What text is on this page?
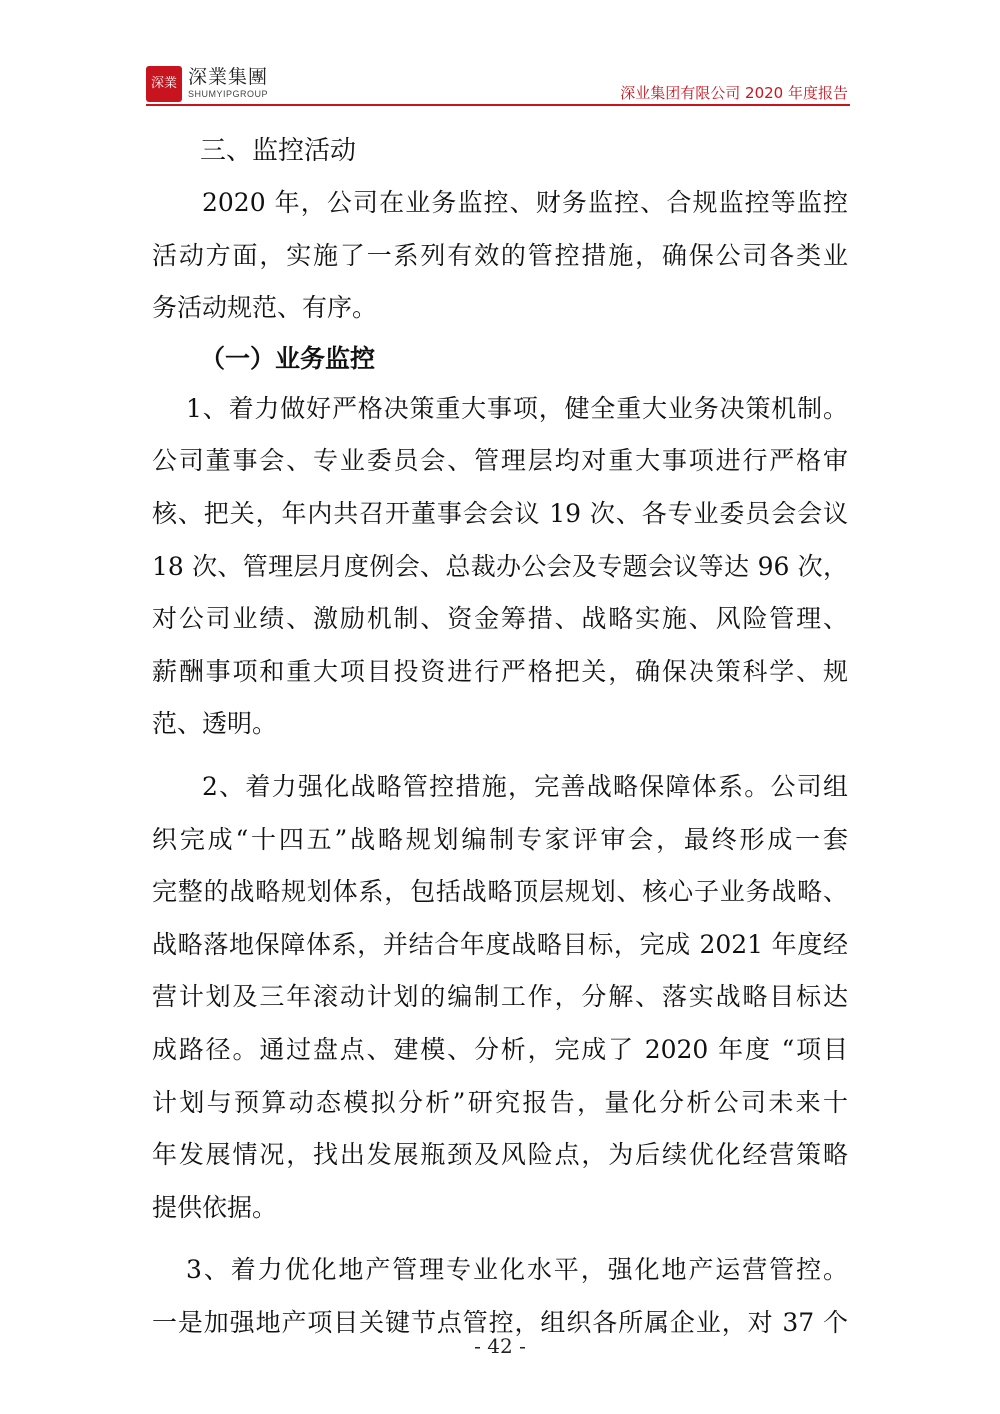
深業 深業集團
SHUMYIPGROUP	深业集团有限公司 2020 年度报告
三、监控活动
2020 年，公司在业务监控、财务监控、合规监控等监控
活动方面，实施了一系列有效的管控措施，确保公司各类业
务活动规范、有序。
（一）业务监控
1、着力做好严格决策重大事项，健全重大业务决策机制。
公司董事会、专业委员会、管理层均对重大事项进行严格审
核、把关，年内共召开董事会会议 19 次、各专业委员会会议
18 次、管理层月度例会、总裁办公会及专题会议等达 96 次，
对公司业绩、激励机制、资金筹措、战略实施、风险管理、
薪酬事项和重大项目投资进行严格把关，确保决策科学、规
范、透明。
2、着力强化战略管控措施，完善战略保障体系。公司组
织完成“十四五”战略规划编制专家评审会，最终形成一套
完整的战略规划体系，包括战略顶层规划、核心子业务战略、
战略落地保障体系，并结合年度战略目标，完成 2021 年度经
营计划及三年滚动计划的编制工作，分解、落实战略目标达
成路径。通过盘点、建模、分析，完成了 2020 年度 “项目
计划与预算动态模拟分析”研究报告，量化分析公司未来十
年发展情况，找出发展瓶颈及风险点，为后续优化经营策略
提供依据。
3、着力优化地产管理专业化水平，强化地产运营管控。
一是加强地产项目关键节点管控，组织各所属企业，对 37 个
- 42 -
